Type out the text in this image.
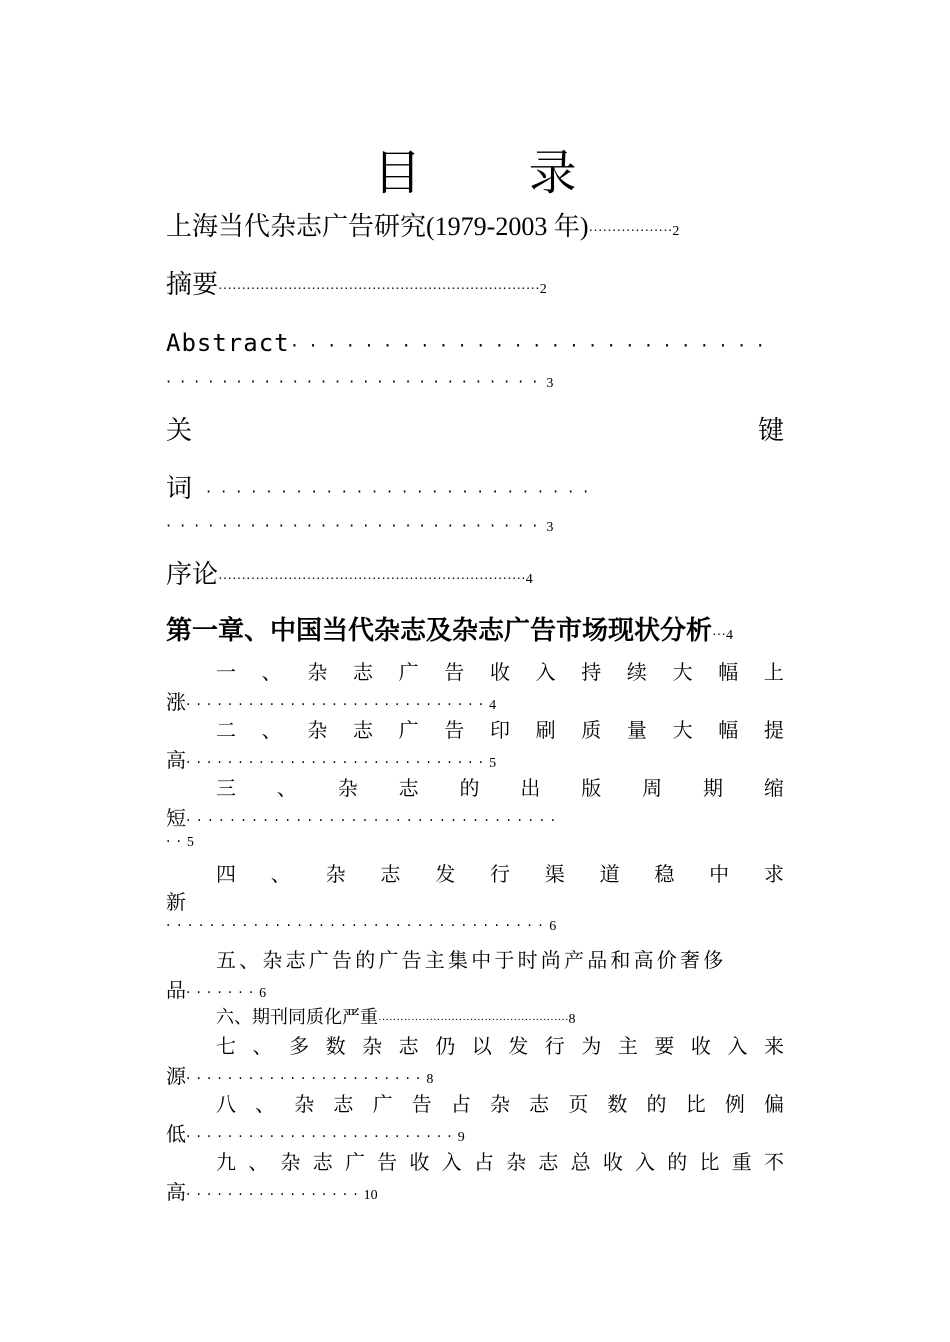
目 录
上海当代杂志广告研究(1979-2003 年)··················2
摘要·····································································2
Abstract··························
···························3
关	键
词 ··························
···························3
序论··································································4
第一章、中国当代杂志及杂志广告市场现状分析···4
一 、 杂 志 广 告 收 入 持 续 大 幅 上
涨·····························4
二 、 杂 志 广 告 印 刷 质 量 大 幅 提
高·····························5
三 、 杂 志 的 出 版 周 期 缩
短··································
··5
四 、 杂 志 发 行 渠 道 稳 中 求
新
···································6
五、杂志广告的广告主集中于时尚产品和高价奢侈
品·······6
六、期刊同质化严重····················································8
七 、 多 数 杂 志 仍 以 发 行 为 主 要 收 入 来
源·······················8
八 、 杂 志 广 告 占 杂 志 页 数 的 比 例 偏
低··························9
九 、 杂 志 广 告 收 入 占 杂 志 总 收 入 的 比 重 不
高·················10
